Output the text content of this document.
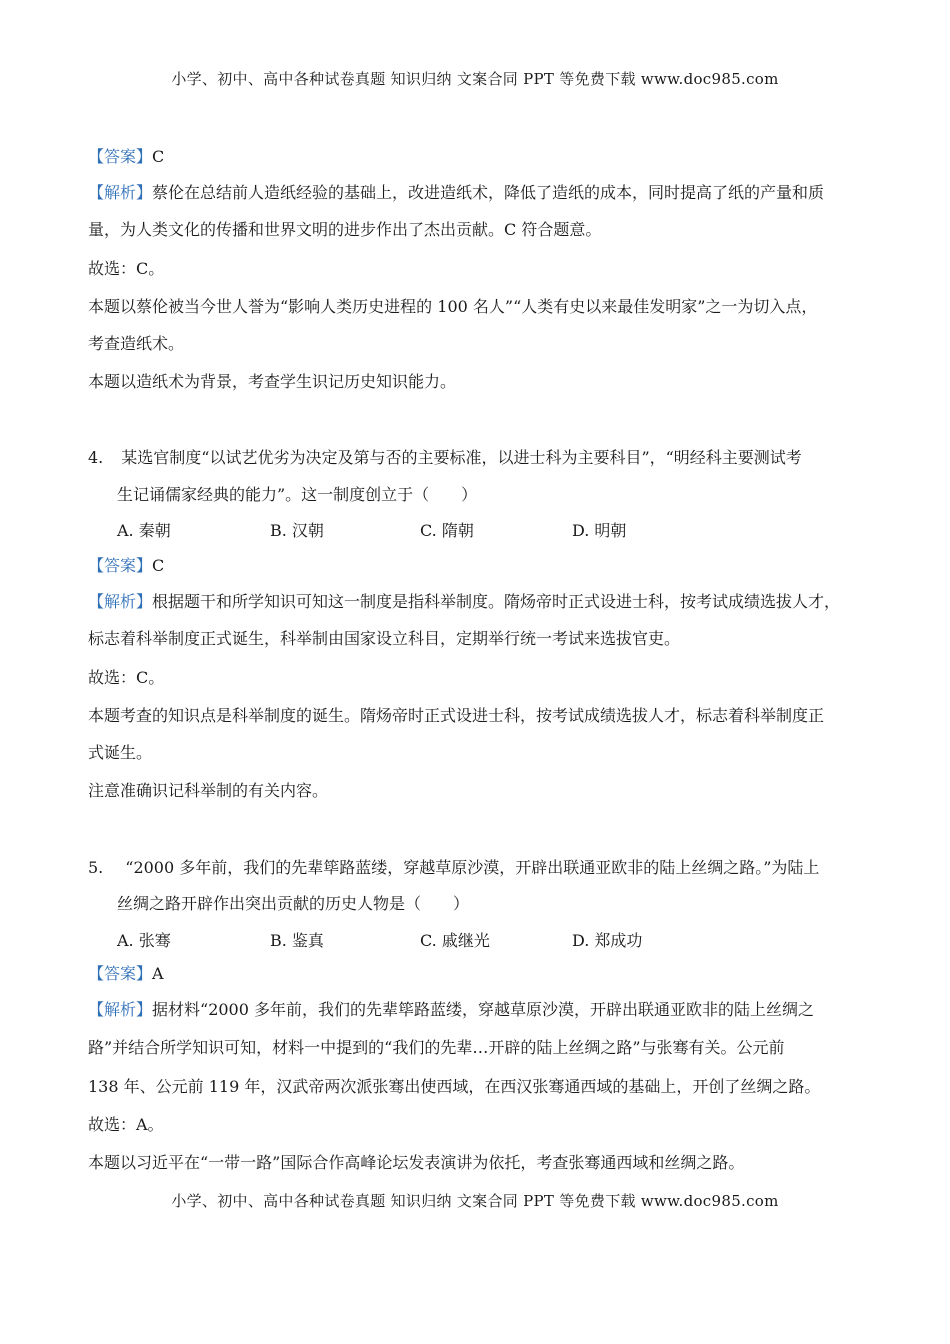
小学、初中、高中各种试卷真题 知识归纳 文案合同 PPT 等免费下载 www.doc985.com
【答案】C
【解析】蔡伦在总结前人造纸经验的基础上，改进造纸术，降低了造纸的成本，同时提高了纸的产量和质
量，为人类文化的传播和世界文明的进步作出了杰出贡献。C 符合题意。
故选：C。
本题以蔡伦被当今世人誉为“影响人类历史进程的 100 名人”“人类有史以来最佳发明家”之一为切入点，
考查造纸术。
本题以造纸术为背景，考查学生识记历史知识能力。
4. 某选官制度“以试艺优劣为决定及第与否的主要标准，以进士科为主要科目”，“明经科主要测试考
生记诵儒家经典的能力”。这一制度创立于（　　）
A. 秦朝	B. 汉朝	C. 隋朝	D. 明朝
【答案】C
【解析】根据题干和所学知识可知这一制度是指科举制度。隋炀帝时正式设进士科，按考试成绩选拔人才，
标志着科举制度正式诞生，科举制由国家设立科目，定期举行统一考试来选拔官吏。
故选：C。
本题考查的知识点是科举制度的诞生。隋炀帝时正式设进士科，按考试成绩选拔人才，标志着科举制度正
式诞生。
注意准确识记科举制的有关内容。
5. “2000 多年前，我们的先辈筚路蓝缕，穿越草原沙漠，开辟出联通亚欧非的陆上丝绸之路。”为陆上
丝绸之路开辟作出突出贡献的历史人物是（　　）
A. 张骞	B. 鉴真	C. 戚继光	D. 郑成功
【答案】A
【解析】据材料“2000 多年前，我们的先辈筚路蓝缕，穿越草原沙漠，开辟出联通亚欧非的陆上丝绸之
路”并结合所学知识可知，材料一中提到的“我们的先辈…开辟的陆上丝绸之路”与张骞有关。公元前
138 年、公元前 119 年，汉武帝两次派张骞出使西域，在西汉张骞通西域的基础上，开创了丝绸之路。
故选：A。
本题以习近平在“一带一路”国际合作高峰论坛发表演讲为依托，考查张骞通西域和丝绸之路。
小学、初中、高中各种试卷真题 知识归纳 文案合同 PPT 等免费下载 www.doc985.com
